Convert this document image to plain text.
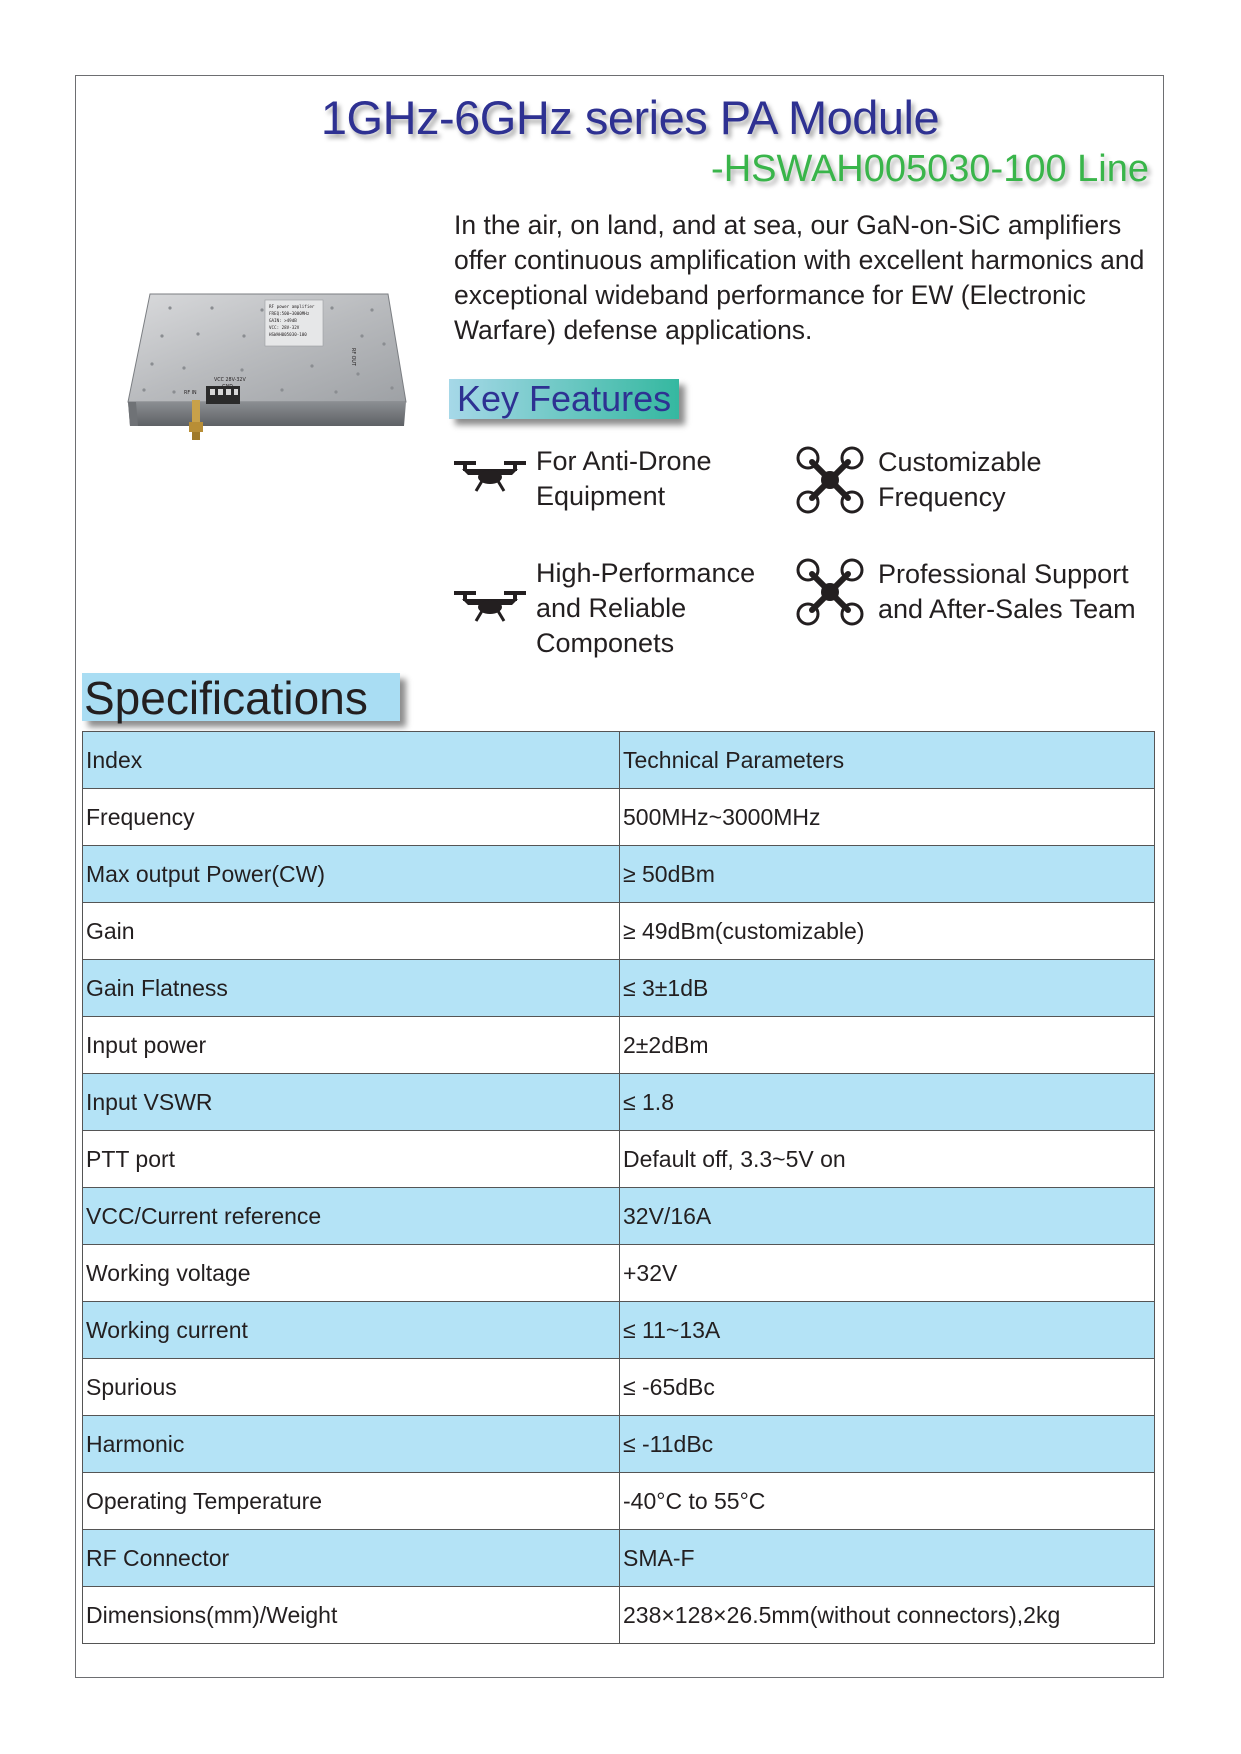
1GHz-6GHz series PA Module
-HSWAH005030-100 Line
RF power amplifier
FREQ:500~3000MHz
GAIN: >49dB
VCC: 28V-32V
HSWAH005030-100
VCC 28V-32V
RF IN
RF OUT
In the air, on land, and at sea, our GaN-on-SiC amplifiers offer continuous amplification with excellent harmonics and exceptional wideband performance for EW (Electronic Warfare) defense applications.
Key Features
For Anti-Drone Equipment
Customizable Frequency
High-Performance and Reliable Componets
Professional Support and After-Sales Team
Specifications
Index	Technical Parameters
Frequency	500MHz~3000MHz
Max output Power(CW)	≥ 50dBm
Gain	≥ 49dBm(customizable)
Gain Flatness	≤ 3±1dB
Input power	2±2dBm
Input VSWR	≤ 1.8
PTT port	Default off, 3.3~5V on
VCC/Current reference	32V/16A
Working voltage	+32V
Working current	≤ 11~13A
Spurious	≤ -65dBc
Harmonic	≤ -11dBc
Operating Temperature	-40°C to 55°C
RF Connector	SMA-F
Dimensions(mm)/Weight	238×128×26.5mm(without connectors),2kg
